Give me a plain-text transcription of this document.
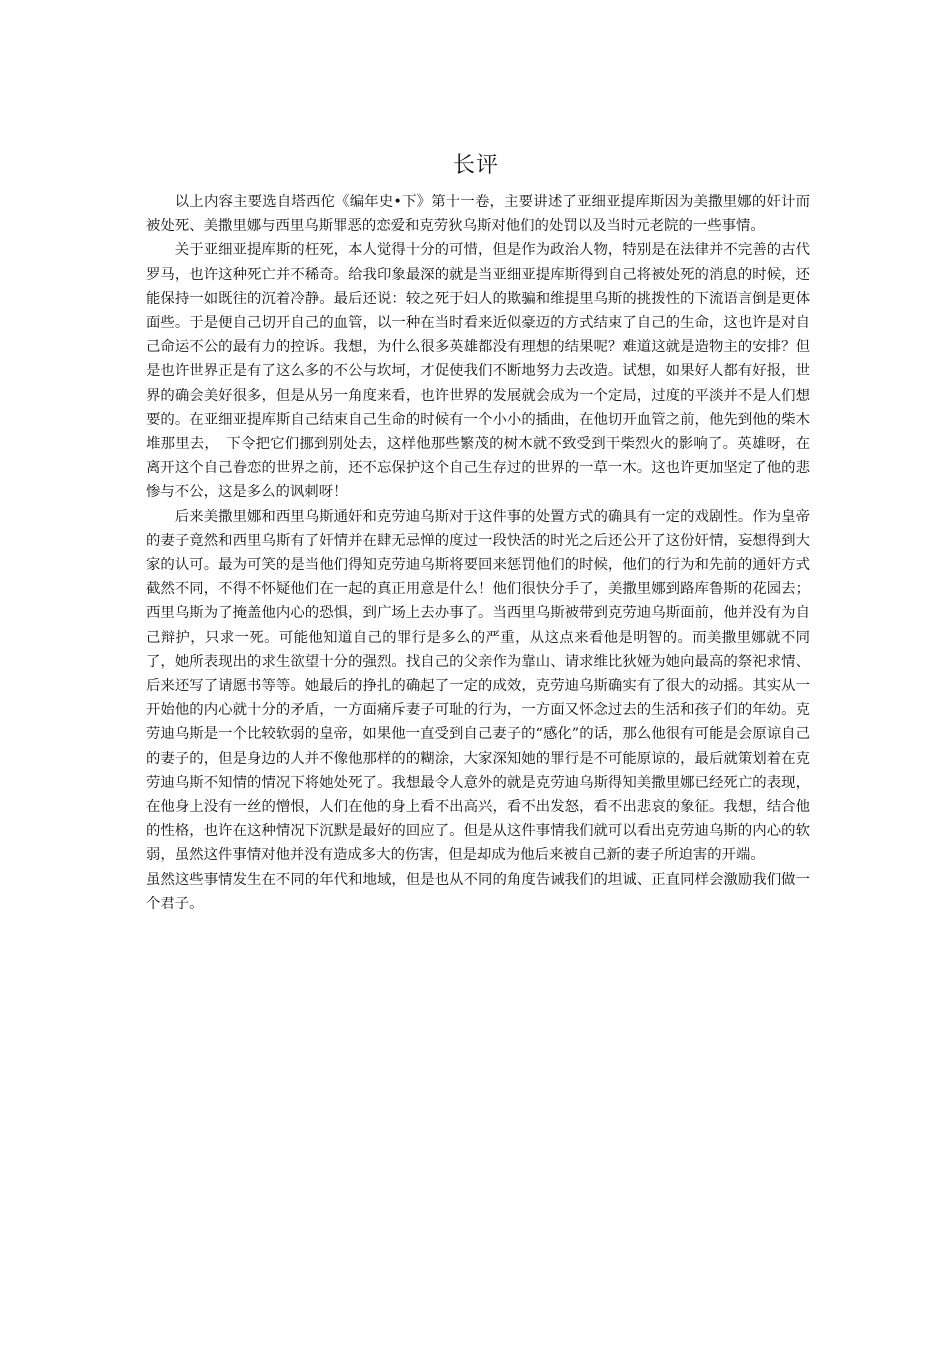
长评

以上内容主要选自塔西佗《编年史•下》第十一卷，主要讲述了亚细亚提库斯因为美撒里娜的奸计而被处死、美撒里娜与西里乌斯罪恶的恋爱和克劳狄乌斯对他们的处罚以及当时元老院的一些事情。

关于亚细亚提库斯的枉死，本人觉得十分的可惜，但是作为政治人物，特别是在法律并不完善的古代罗马，也许这种死亡并不稀奇。给我印象最深的就是当亚细亚提库斯得到自己将被处死的消息的时候，还能保持一如既往的沉着冷静。最后还说：较之死于妇人的欺骗和维提里乌斯的挑拨性的下流语言倒是更体面些。于是便自己切开自己的血管，以一种在当时看来近似豪迈的方式结束了自己的生命，这也许是对自己命运不公的最有力的控诉。我想，为什么很多英雄都没有理想的结果呢？难道这就是造物主的安排？但是也许世界正是有了这么多的不公与坎坷，才促使我们不断地努力去改造。试想，如果好人都有好报，世界的确会美好很多，但是从另一角度来看，也许世界的发展就会成为一个定局，过度的平淡并不是人们想要的。在亚细亚提库斯自己结束自己生命的时候有一个小小的插曲，在他切开血管之前，他先到他的柴木堆那里去，　下令把它们挪到别处去，这样他那些繁茂的树木就不致受到干柴烈火的影响了。英雄呀，在离开这个自己眷恋的世界之前，还不忘保护这个自己生存过的世界的一草一木。这也许更加坚定了他的悲惨与不公，这是多么的讽刺呀！

后来美撒里娜和西里乌斯通奸和克劳迪乌斯对于这件事的处置方式的确具有一定的戏剧性。作为皇帝的妻子竟然和西里乌斯有了奸情并在肆无忌惮的度过一段快活的时光之后还公开了这份奸情，妄想得到大家的认可。最为可笑的是当他们得知克劳迪乌斯将要回来惩罚他们的时候，他们的行为和先前的通奸方式截然不同，不得不怀疑他们在一起的真正用意是什么！他们很快分手了，美撒里娜到路库鲁斯的花园去；西里乌斯为了掩盖他内心的恐惧，到广场上去办事了。当西里乌斯被带到克劳迪乌斯面前，他并没有为自己辩护，只求一死。可能他知道自己的罪行是多么的严重，从这点来看他是明智的。而美撒里娜就不同了，她所表现出的求生欲望十分的强烈。找自己的父亲作为靠山、请求维比狄娅为她向最高的祭祀求情、后来还写了请愿书等等。她最后的挣扎的确起了一定的成效，克劳迪乌斯确实有了很大的动摇。其实从一开始他的内心就十分的矛盾，一方面痛斥妻子可耻的行为，一方面又怀念过去的生活和孩子们的年幼。克劳迪乌斯是一个比较软弱的皇帝，如果他一直受到自己妻子的“感化”的话，那么他很有可能是会原谅自己的妻子的，但是身边的人并不像他那样的的糊涂，大家深知她的罪行是不可能原谅的，最后就策划着在克劳迪乌斯不知情的情况下将她处死了。我想最令人意外的就是克劳迪乌斯得知美撒里娜已经死亡的表现，在他身上没有一丝的憎恨，人们在他的身上看不出高兴，看不出发怒，看不出悲哀的象征。我想，结合他的性格，也许在这种情况下沉默是最好的回应了。但是从这件事情我们就可以看出克劳迪乌斯的内心的软弱，虽然这件事情对他并没有造成多大的伤害，但是却成为他后来被自己新的妻子所迫害的开端。

虽然这些事情发生在不同的年代和地域，但是也从不同的角度告诫我们的坦诚、正直同样会激励我们做一个君子。
